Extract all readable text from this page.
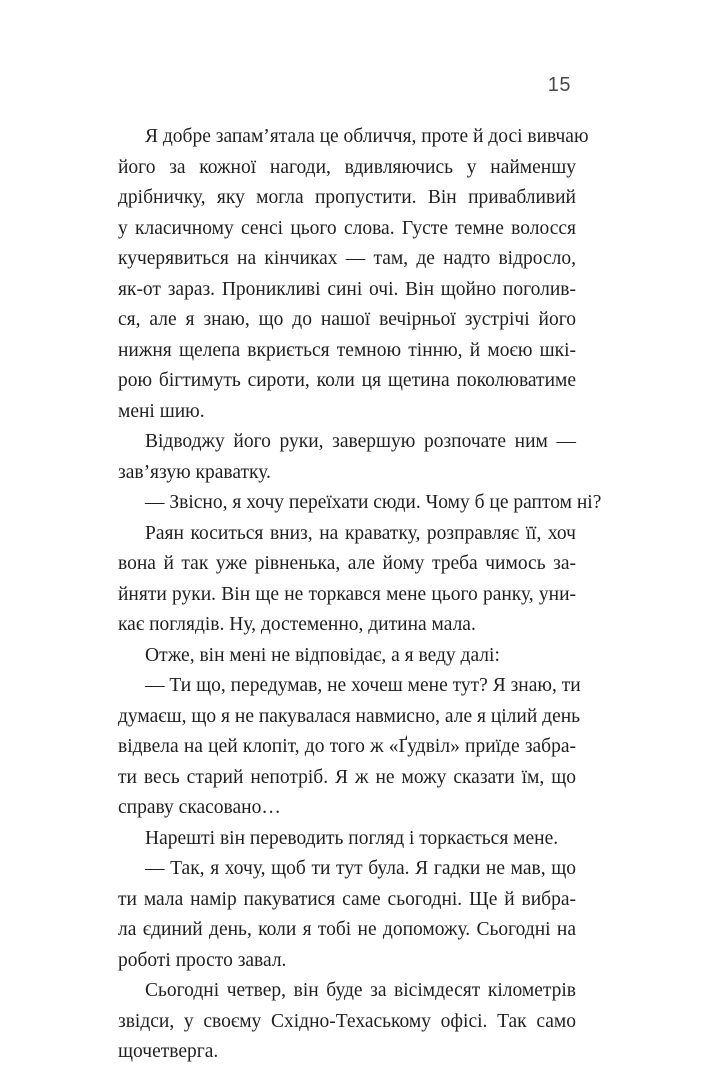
15
Я добре запам’ятала це обличчя, проте й досі вивчаю
його за кожної нагоди, вдивляючись у найменшу
дрібничку, яку могла пропустити. Він привабливий
у класичному сенсі цього слова. Густе темне волосся
кучерявиться на кінчиках — там, де надто відросло,
як-от зараз. Проникливі сині очі. Він щойно поголив-
ся, але я знаю, що до нашої вечірньої зустрічі його
нижня щелепа вкриється темною тінню, й моєю шкі-
рою бігтимуть сироти, коли ця щетина поколюватиме
мені шию.
Відводжу його руки, завершую розпочате ним —
зав’язую краватку.
— Звісно, я хочу переїхати сюди. Чому б це раптом ні?
Раян коситься вниз, на краватку, розправляє її, хоч
вона й так уже рівненька, але йому треба чимось за-
йняти руки. Він ще не торкався мене цього ранку, уни-
кає поглядів. Ну, достеменно, дитина мала.
Отже, він мені не відповідає, а я веду далі:
— Ти що, передумав, не хочеш мене тут? Я знаю, ти
думаєш, що я не пакувалася навмисно, але я цілий день
відвела на цей клопіт, до того ж «Ґудвіл» приїде забра-
ти весь старий непотріб. Я ж не можу сказати їм, що
справу скасовано…
Нарешті він переводить погляд і торкається мене.
— Так, я хочу, щоб ти тут була. Я гадки не мав, що
ти мала намір пакуватися саме сьогодні. Ще й вибра-
ла єдиний день, коли я тобі не допоможу. Сьогодні на
роботі просто завал.
Сьогодні четвер, він буде за вісімдесят кілометрів
звідси, у своєму Східно-Техаському офісі. Так само
щочетверга.
